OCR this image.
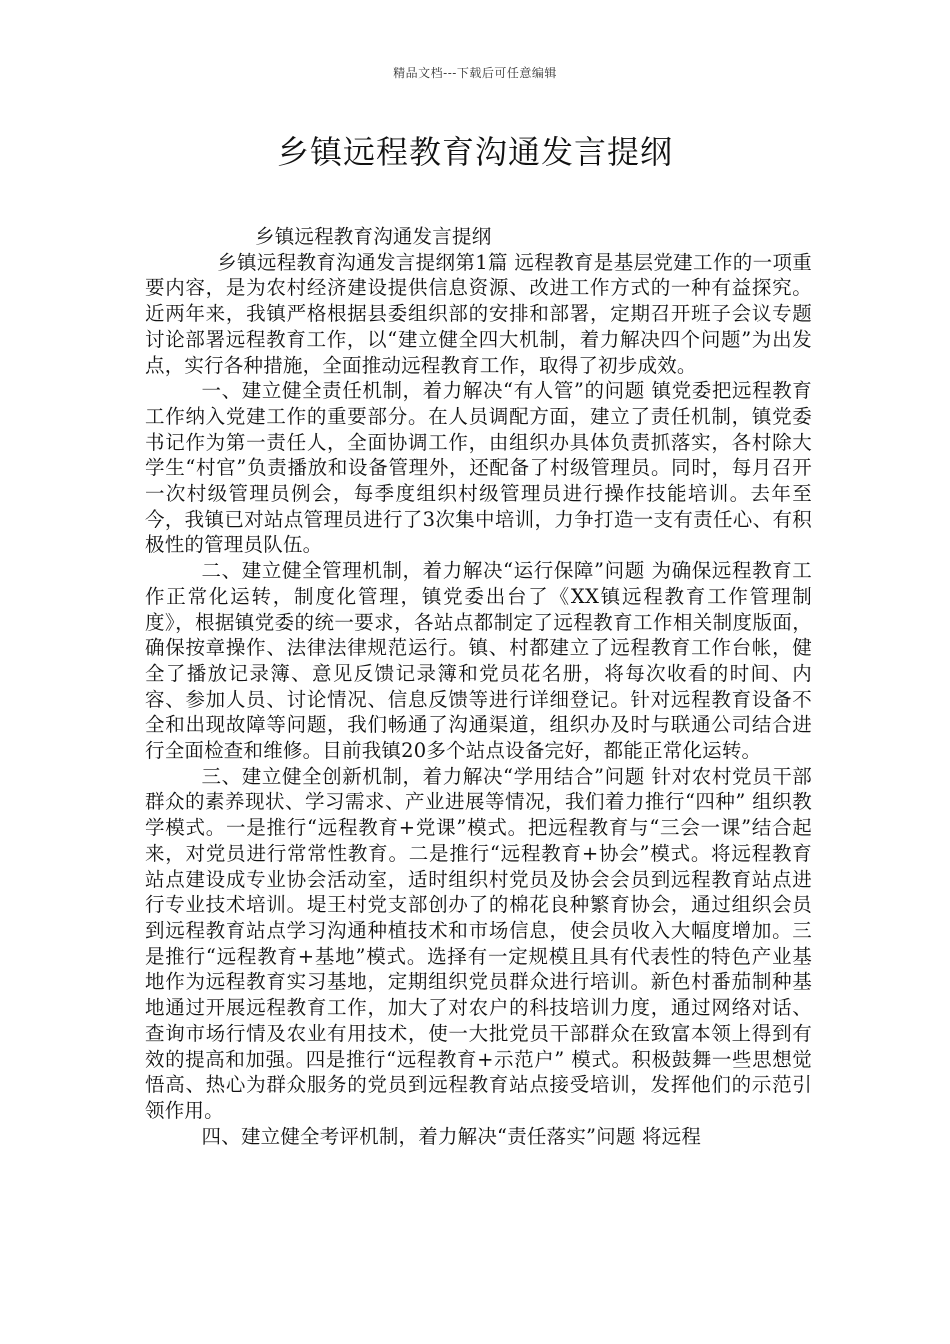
精品文档---下载后可任意编辑
乡镇远程教育沟通发言提纲

乡镇远程教育沟通发言提纲

乡镇远程教育沟通发言提纲第1篇 远程教育是基层党建工作的一项重要内容，是为农村经济建设提供信息资源、改进工作方式的一种有益探究。近两年来，我镇严格根据县委组织部的安排和部署，定期召开班子会议专题讨论部署远程教育工作，以“建立健全四大机制，着力解决四个问题”为出发点，实行各种措施，全面推动远程教育工作，取得了初步成效。

一、建立健全责任机制，着力解决“有人管”的问题 镇党委把远程教育工作纳入党建工作的重要部分。在人员调配方面，建立了责任机制，镇党委书记作为第一责任人，全面协调工作，由组织办具体负责抓落实，各村除大学生“村官”负责播放和设备管理外，还配备了村级管理员。同时，每月召开一次村级管理员例会，每季度组织村级管理员进行操作技能培训。去年至今，我镇已对站点管理员进行了3次集中培训，力争打造一支有责任心、有积极性的管理员队伍。

二、建立健全管理机制，着力解决“运行保障”问题 为确保远程教育工作正常化运转，制度化管理，镇党委出台了《XX镇远程教育工作管理制度》，根据镇党委的统一要求，各站点都制定了远程教育工作相关制度版面，确保按章操作、法律法律规范运行。镇、村都建立了远程教育工作台帐，健全了播放记录簿、意见反馈记录簿和党员花名册，将每次收看的时间、内容、参加人员、讨论情况、信息反馈等进行详细登记。针对远程教育设备不全和出现故障等问题，我们畅通了沟通渠道，组织办及时与联通公司结合进行全面检查和维修。目前我镇20多个站点设备完好，都能正常化运转。

三、建立健全创新机制，着力解决“学用结合”问题 针对农村党员干部群众的素养现状、学习需求、产业进展等情况，我们着力推行“四种” 组织教学模式。一是推行“远程教育+党课”模式。把远程教育与“三会一课”结合起来，对党员进行常常性教育。二是推行“远程教育+协会”模式。将远程教育站点建设成专业协会活动室，适时组织村党员及协会会员到远程教育站点进行专业技术培训。堤王村党支部创办了的棉花良种繁育协会，通过组织会员到远程教育站点学习沟通种植技术和市场信息，使会员收入大幅度增加。三是推行“远程教育+基地”模式。选择有一定规模且具有代表性的特色产业基地作为远程教育实习基地，定期组织党员群众进行培训。新色村番茄制种基地通过开展远程教育工作，加大了对农户的科技培训力度，通过网络对话、查询市场行情及农业有用技术，使一大批党员干部群众在致富本领上得到有效的提高和加强。四是推行“远程教育+示范户” 模式。积极鼓舞一些思想觉悟高、热心为群众服务的党员到远程教育站点接受培训，发挥他们的示范引领作用。

四、建立健全考评机制，着力解决“责任落实”问题 将远程
